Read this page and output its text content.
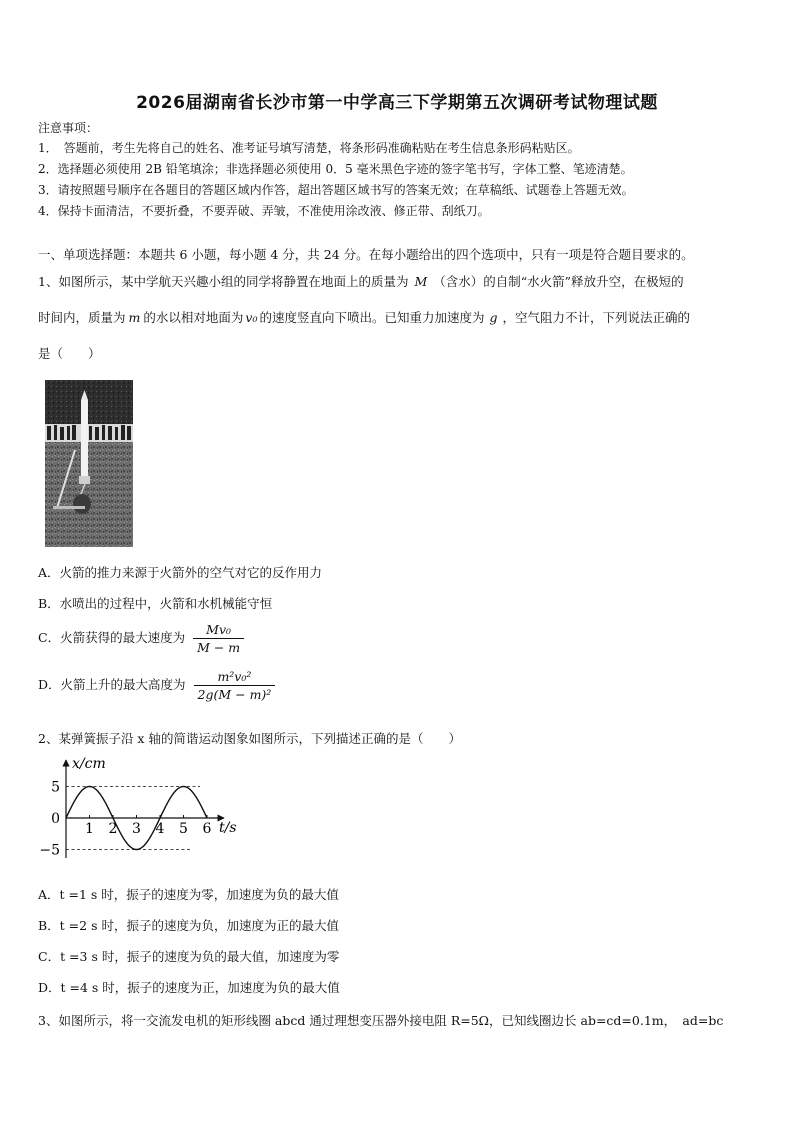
2026届湖南省长沙市第一中学高三下学期第五次调研考试物理试题
注意事项：
1．　答题前，考生先将自己的姓名、准考证号填写清楚，将条形码准确粘贴在考生信息条形码粘贴区。
2．选择题必须使用 2B 铅笔填涂；非选择题必须使用 0．5 毫米黑色字迹的签字笔书写，字体工整、笔迹清楚。
3．请按照题号顺序在各题目的答题区域内作答，超出答题区域书写的答案无效；在草稿纸、试题卷上答题无效。
4．保持卡面清洁，不要折叠，不要弄破、弄皱，不准使用涂改液、修正带、刮纸刀。
一、单项选择题：本题共 6 小题，每小题 4 分，共 24 分。在每小题给出的四个选项中，只有一项是符合题目要求的。
1、如图所示，某中学航天兴趣小组的同学将静置在地面上的质量为 M （含水）的自制“水火箭”释放升空，在极短的
时间内，质量为 m 的水以相对地面为 v₀ 的速度竖直向下喷出。已知重力加速度为 g ，空气阻力不计，下列说法正确的
是（　　）
A．火箭的推力来源于火箭外的空气对它的反作用力
B．水喷出的过程中，火箭和水机械能守恒
C．火箭获得的最大速度为 $\frac{\text{Mv₀}}{M - m}$
D．火箭上升的最大高度为 $\frac{\text{m²v₀²}}{\text{2g(M − m)²}}$
2、某弹簧振子沿 x 轴的简谐运动图象如图所示，下列描述正确的是（　　）
1 2 3 4 5 6
5
0
−5
x/cm
t/s
A．t =1 s 时，振子的速度为零，加速度为负的最大值
B．t =2 s 时，振子的速度为负，加速度为正的最大值
C．t =3 s 时，振子的速度为负的最大值，加速度为零
D．t =4 s 时，振子的速度为正，加速度为负的最大值
3、如图所示，将一交流发电机的矩形线圈 abcd 通过理想变压器外接电阻 R=5Ω，已知线圈边长 ab=cd=0.1m，　ad=bc
